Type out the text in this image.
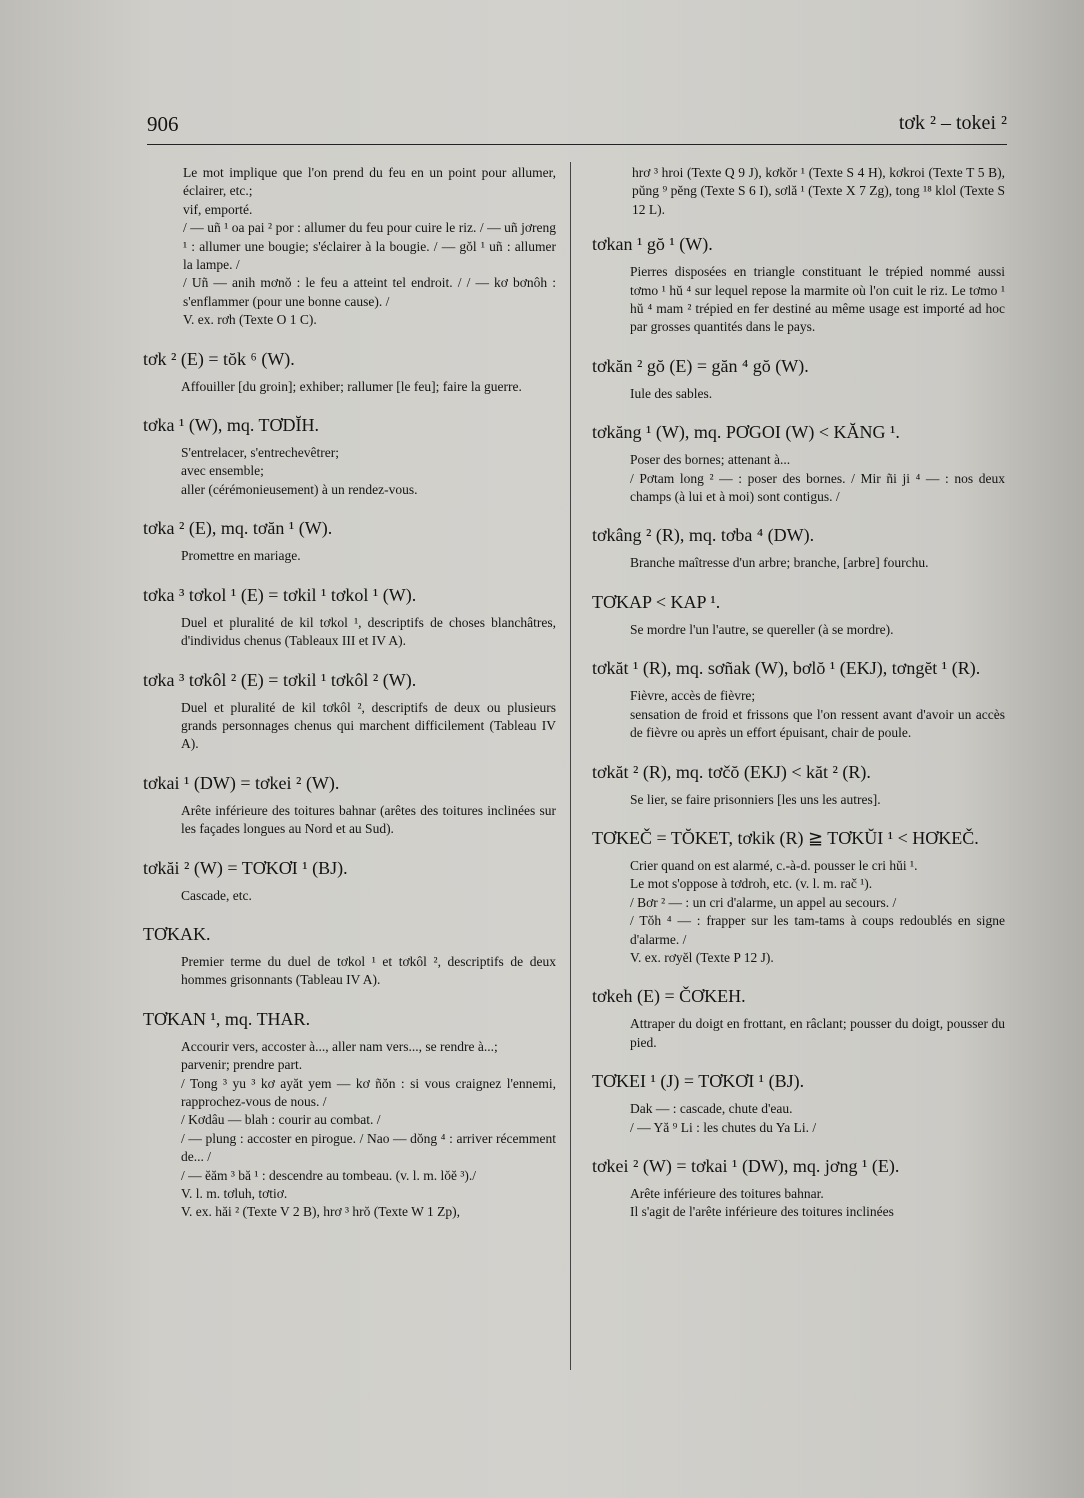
906	tơk ² – tokei ²

Le mot implique que l'on prend du feu en un point pour allumer, éclairer, etc.;

vif, emporté.

/ — uñ ¹ oa pai ² por : allumer du feu pour cuire le riz. / — uñ jơreng ¹ : allumer une bougie; s'éclairer à la bougie. / — gŏl ¹ uñ : allumer la lampe. /

/ Uñ — anih mơnŏ : le feu a atteint tel endroit. / / — kơ bơnôh : s'enflammer (pour une bonne cause). /

V. ex. rơh (Texte O 1 C).

tơk ² (E) = tŏk ⁶ (W).

Affouiller [du groin]; exhiber; rallumer [le feu]; faire la guerre.

tơka ¹ (W), mq. TƠDĬH.

S'entrelacer, s'entrechevêtrer;

avec ensemble;

aller (cérémonieusement) à un rendez-vous.

tơka ² (E), mq. tơăn ¹ (W).

Promettre en mariage.

tơka ³ tơkol ¹ (E) = tơkil ¹ tơkol ¹ (W).

Duel et pluralité de kil tơkol ¹, descriptifs de choses blanchâtres, d'individus chenus (Tableaux III et IV A).

tơka ³ tơkôl ² (E) = tơkil ¹ tơkôl ² (W).

Duel et pluralité de kil tơkôl ², descriptifs de deux ou plusieurs grands personnages chenus qui marchent difficilement (Tableau IV A).

tơkai ¹ (DW) = tơkei ² (W).

Arête inférieure des toitures bahnar (arêtes des toitures inclinées sur les façades longues au Nord et au Sud).

tơkăi ² (W) = TƠKƠI ¹ (BJ).

Cascade, etc.

TƠKAK.

Premier terme du duel de tơkol ¹ et tơkôl ², descriptifs de deux hommes grisonnants (Tableau IV A).

TƠKAN ¹, mq. THAR.

Accourir vers, accoster à..., aller nam vers..., se rendre à...;

parvenir; prendre part.

/ Tong ³ yu ³ kơ ayăt yem — kơ ñŏn : si vous craignez l'ennemi, rapprochez-vous de nous. /

/ Kơdâu — blah : courir au combat. /

/ — plung : accoster en pirogue. / Nao — dŏng ⁴ : arriver récemment de... /

/ — ĕăm ³ bă ¹ : descendre au tombeau. (v. l. m. lŏĕ ³)./

V. l. m. tơluh, tơtiơ.

V. ex. hăi ² (Texte V 2 B), hrơ ³ hrŏ (Texte W 1 Zp),

hrơ ³ hroi (Texte Q 9 J), kơkŏr ¹ (Texte S 4 H), kơkroi (Texte T 5 B), pŭng ⁹ pĕng (Texte S 6 I), sơlă ¹ (Texte X 7 Zg), tong ¹⁸ klol (Texte S 12 L).
tơkan ¹ gŏ ¹ (W).

Pierres disposées en triangle constituant le trépied nommé aussi tơmo ¹ hŭ ⁴ sur lequel repose la marmite où l'on cuit le riz. Le tơmo ¹ hŭ ⁴ mam ² trépied en fer destiné au même usage est importé ad hoc par grosses quantités dans le pays.

tơkăn ² gŏ (E) = găn ⁴ gŏ (W).

Iule des sables.

tơkăng ¹ (W), mq. PƠGOI (W) < KĂNG ¹.

Poser des bornes; attenant à...

/ Pơtam long ² — : poser des bornes. / Mir ñi ji ⁴ — : nos deux champs (à lui et à moi) sont contigus. /

tơkâng ² (R), mq. tơba ⁴ (DW).

Branche maîtresse d'un arbre; branche, [arbre] fourchu.

TƠKAP < KAP ¹.

Se mordre l'un l'autre, se quereller (à se mordre).

tơkăt ¹ (R), mq. sơñak (W), bơlŏ ¹ (EKJ), tơngĕt ¹ (R).

Fièvre, accès de fièvre;

sensation de froid et frissons que l'on ressent avant d'avoir un accès de fièvre ou après un effort épuisant, chair de poule.

tơkăt ² (R), mq. tơčŏ (EKJ) < kăt ² (R).

Se lier, se faire prisonniers [les uns les autres].

TƠKEČ = TŎKET, tơkik (R) ≧ TƠKŬI ¹ < HƠKEČ.

Crier quand on est alarmé, c.-à-d. pousser le cri hŭi ¹.

Le mot s'oppose à tơdroh, etc. (v. l. m. rač ¹).

/ Bơr ² — : un cri d'alarme, un appel au secours. /

/ Tŏh ⁴ — : frapper sur les tam-tams à coups redoublés en signe d'alarme. /

V. ex. rơyĕl (Texte P 12 J).

tơkeh (E) = ČƠKEH.

Attraper du doigt en frottant, en râclant; pousser du doigt, pousser du pied.

TƠKEI ¹ (J) = TƠKƠI ¹ (BJ).

Dak — : cascade, chute d'eau.

/ — Yă ⁹ Li : les chutes du Ya Li. /

tơkei ² (W) = tơkai ¹ (DW), mq. jơng ¹ (E).

Arête inférieure des toitures bahnar.

Il s'agit de l'arête inférieure des toitures inclinées
